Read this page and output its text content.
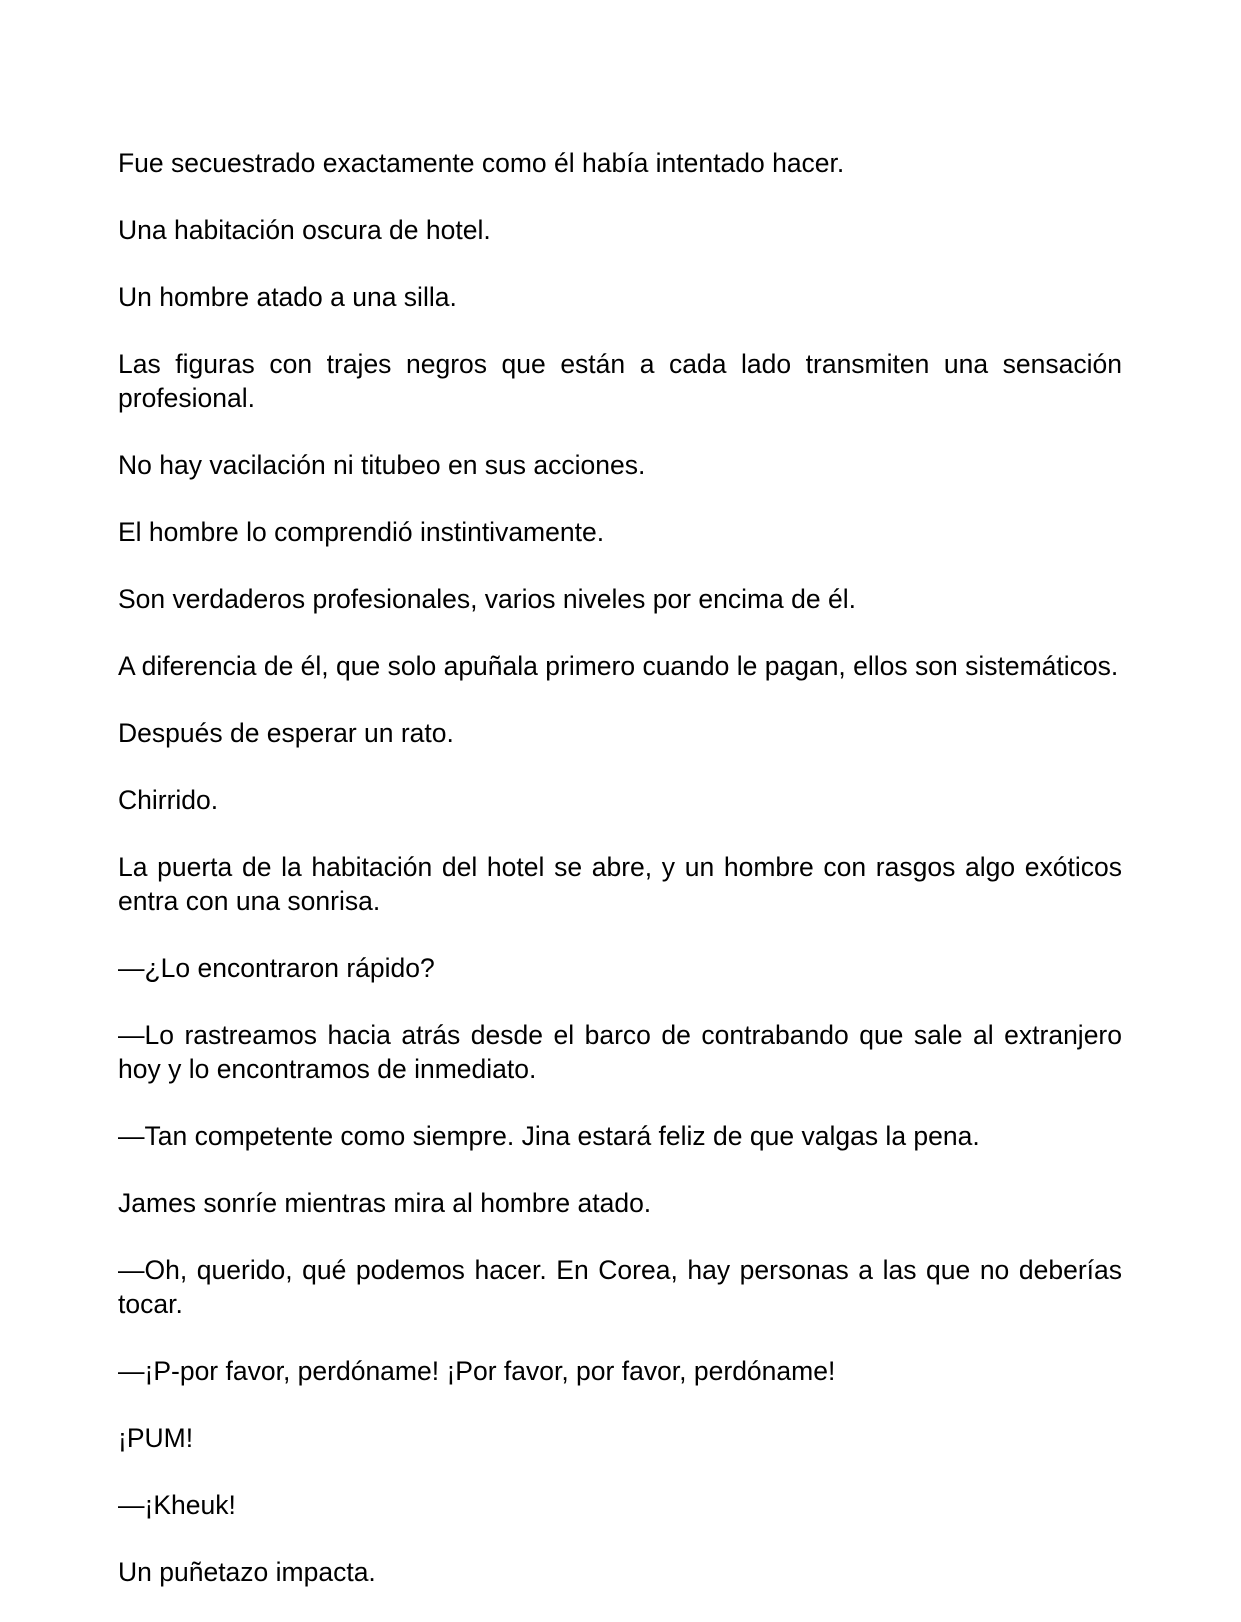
Fue secuestrado exactamente como él había intentado hacer.

Una habitación oscura de hotel.

Un hombre atado a una silla.

Las figuras con trajes negros que están a cada lado transmiten una sensación profesional.

No hay vacilación ni titubeo en sus acciones.

El hombre lo comprendió instintivamente.

Son verdaderos profesionales, varios niveles por encima de él.

A diferencia de él, que solo apuñala primero cuando le pagan, ellos son sistemáticos.

Después de esperar un rato.

Chirrido.

La puerta de la habitación del hotel se abre, y un hombre con rasgos algo exóticos entra con una sonrisa.

—¿Lo encontraron rápido?

—Lo rastreamos hacia atrás desde el barco de contrabando que sale al extranjero hoy y lo encontramos de inmediato.

—Tan competente como siempre. Jina estará feliz de que valgas la pena.

James sonríe mientras mira al hombre atado.

—Oh, querido, qué podemos hacer. En Corea, hay personas a las que no deberías tocar.

—¡P-por favor, perdóname! ¡Por favor, por favor, perdóname!

¡PUM!

—¡Kheuk!

Un puñetazo impacta.
